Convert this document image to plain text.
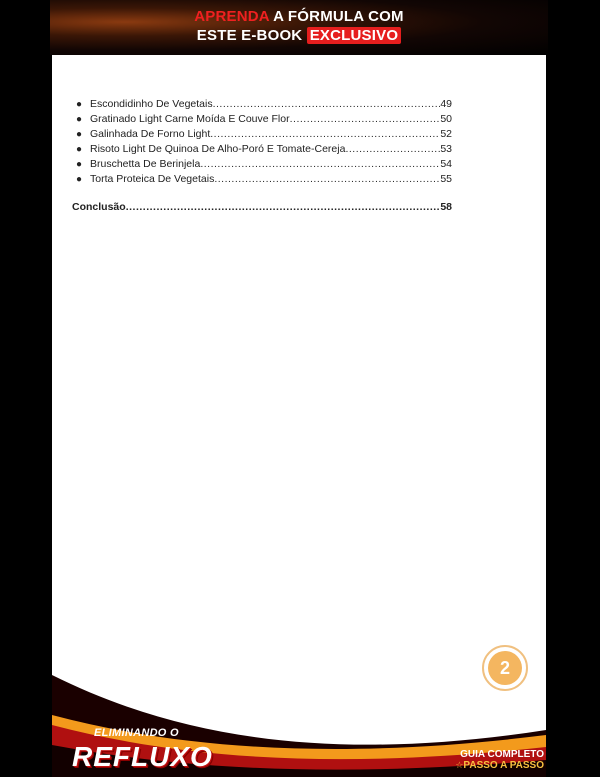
APRENDA A FÓRMULA COM
ESTE E-BOOK EXCLUSIVO
● Escondidinho De Vegetais .....	49
● Gratinado Light Carne Moída E Couve Flor .....	50
● Galinhada De Forno Light .....	52
● Risoto Light De Quinoa De Alho-Poró E Tomate-Cereja .....	53
● Bruschetta De Berinjela .....	54
● Torta Proteica De Vegetais .....	55
Conclusão .....	58
2
ELIMINANDO O
REFLUXO	GUIA COMPLETO
☆PASSO A PASSO
